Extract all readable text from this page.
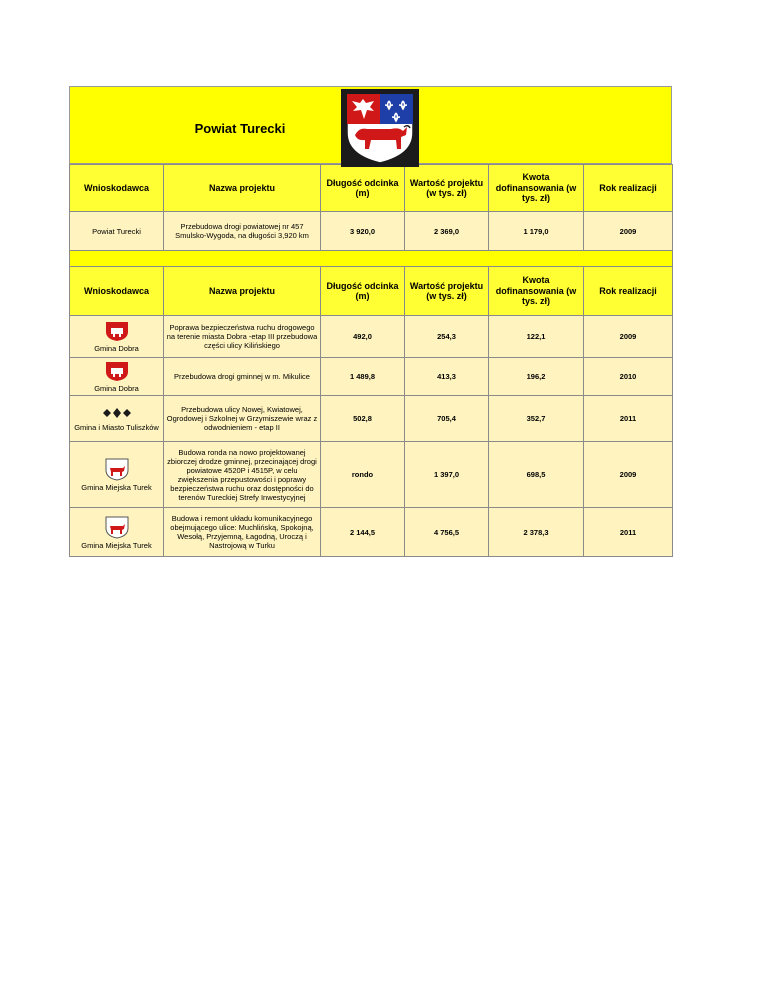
Powiat Turecki
Wnioskodawca	Nazwa projektu	Długość odcinka (m)	Wartość projektu (w tys. zł)	Kwota dofinansowania (w tys. zł)	Rok realizacji
Powiat Turecki	Przebudowa drogi powiatowej nr 457 Smulsko-Wygoda, na długości 3,920 km	3 920,0	2 369,0	1 179,0	2009

Wnioskodawca	Nazwa projektu	Długość odcinka (m)	Wartość projektu (w tys. zł)	Kwota dofinansowania (w tys. zł)	Rok realizacji

Gmina Dobra	Poprawa bezpieczeństwa ruchu drogowego na terenie miasta Dobra -etap III przebudowa części ulicy Kilińskiego	492,0	254,3	122,1	2009

Gmina Dobra	Przebudowa drogi gminnej w m. Mikulice	1 489,8	413,3	196,2	2010

Gmina i Miasto Tuliszków	Przebudowa ulicy Nowej, Kwiatowej, Ogrodowej i Szkolnej w Grzymiszewie wraz z odwodnieniem - etap II	502,8	705,4	352,7	2011

Gmina Miejska Turek	Budowa ronda na nowo projektowanej zbiorczej drodze gminnej, przecinającej drogi powiatowe 4520P i 4515P, w celu zwiększenia przepustowości i poprawy bezpieczeństwa ruchu oraz dostępności do terenów Tureckiej Strefy Inwestycyjnej	rondo	1 397,0	698,5	2009

Gmina Miejska Turek	Budowa i remont układu komunikacyjnego obejmującego ulice: Muchlińską, Spokojną, Wesołą, Przyjemną, Łagodną, Uroczą i Nastrojową w Turku	2 144,5	4 756,5	2 378,3	2011
